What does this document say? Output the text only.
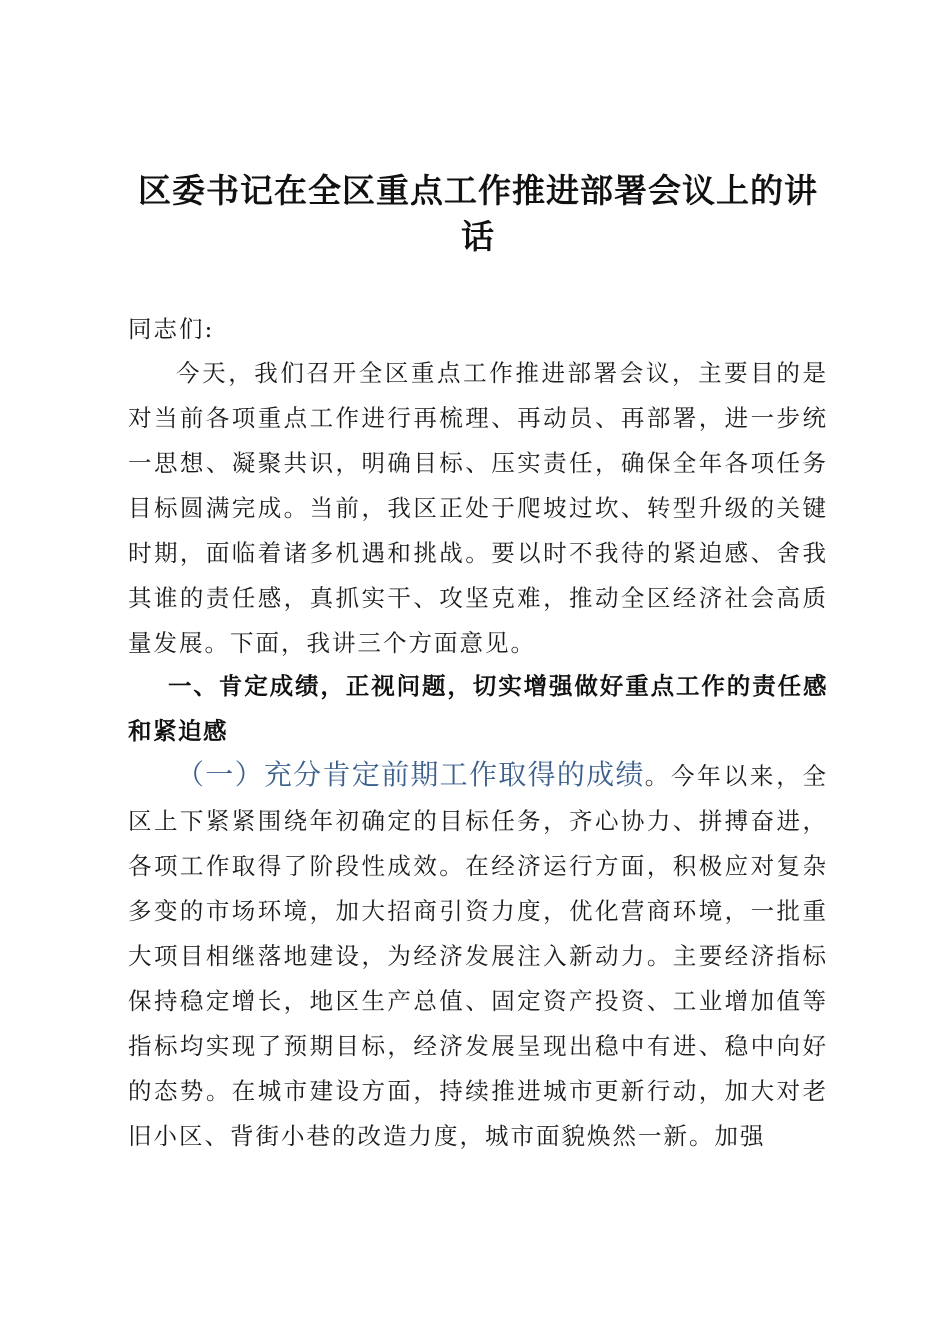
区委书记在全区重点工作推进部署会议上的讲话
同志们:
今天，我们召开全区重点工作推进部署会议，主要目的是对当前各项重点工作进行再梳理、再动员、再部署，进一步统一思想、凝聚共识，明确目标、压实责任，确保全年各项任务目标圆满完成。当前，我区正处于爬坡过坎、转型升级的关键时期，面临着诸多机遇和挑战。要以时不我待的紧迫感、舍我其谁的责任感，真抓实干、攻坚克难，推动全区经济社会高质量发展。下面，我讲三个方面意见。
一、肯定成绩，正视问题，切实增强做好重点工作的责任感和紧迫感
（一）充分肯定前期工作取得的成绩。今年以来，全区上下紧紧围绕年初确定的目标任务，齐心协力、拼搏奋进，各项工作取得了阶段性成效。在经济运行方面，积极应对复杂多变的市场环境，加大招商引资力度，优化营商环境，一批重大项目相继落地建设，为经济发展注入新动力。主要经济指标保持稳定增长，地区生产总值、固定资产投资、工业增加值等指标均实现了预期目标，经济发展呈现出稳中有进、稳中向好的态势。在城市建设方面，持续推进城市更新行动，加大对老旧小区、背街小巷的改造力度，城市面貌焕然一新。加强
